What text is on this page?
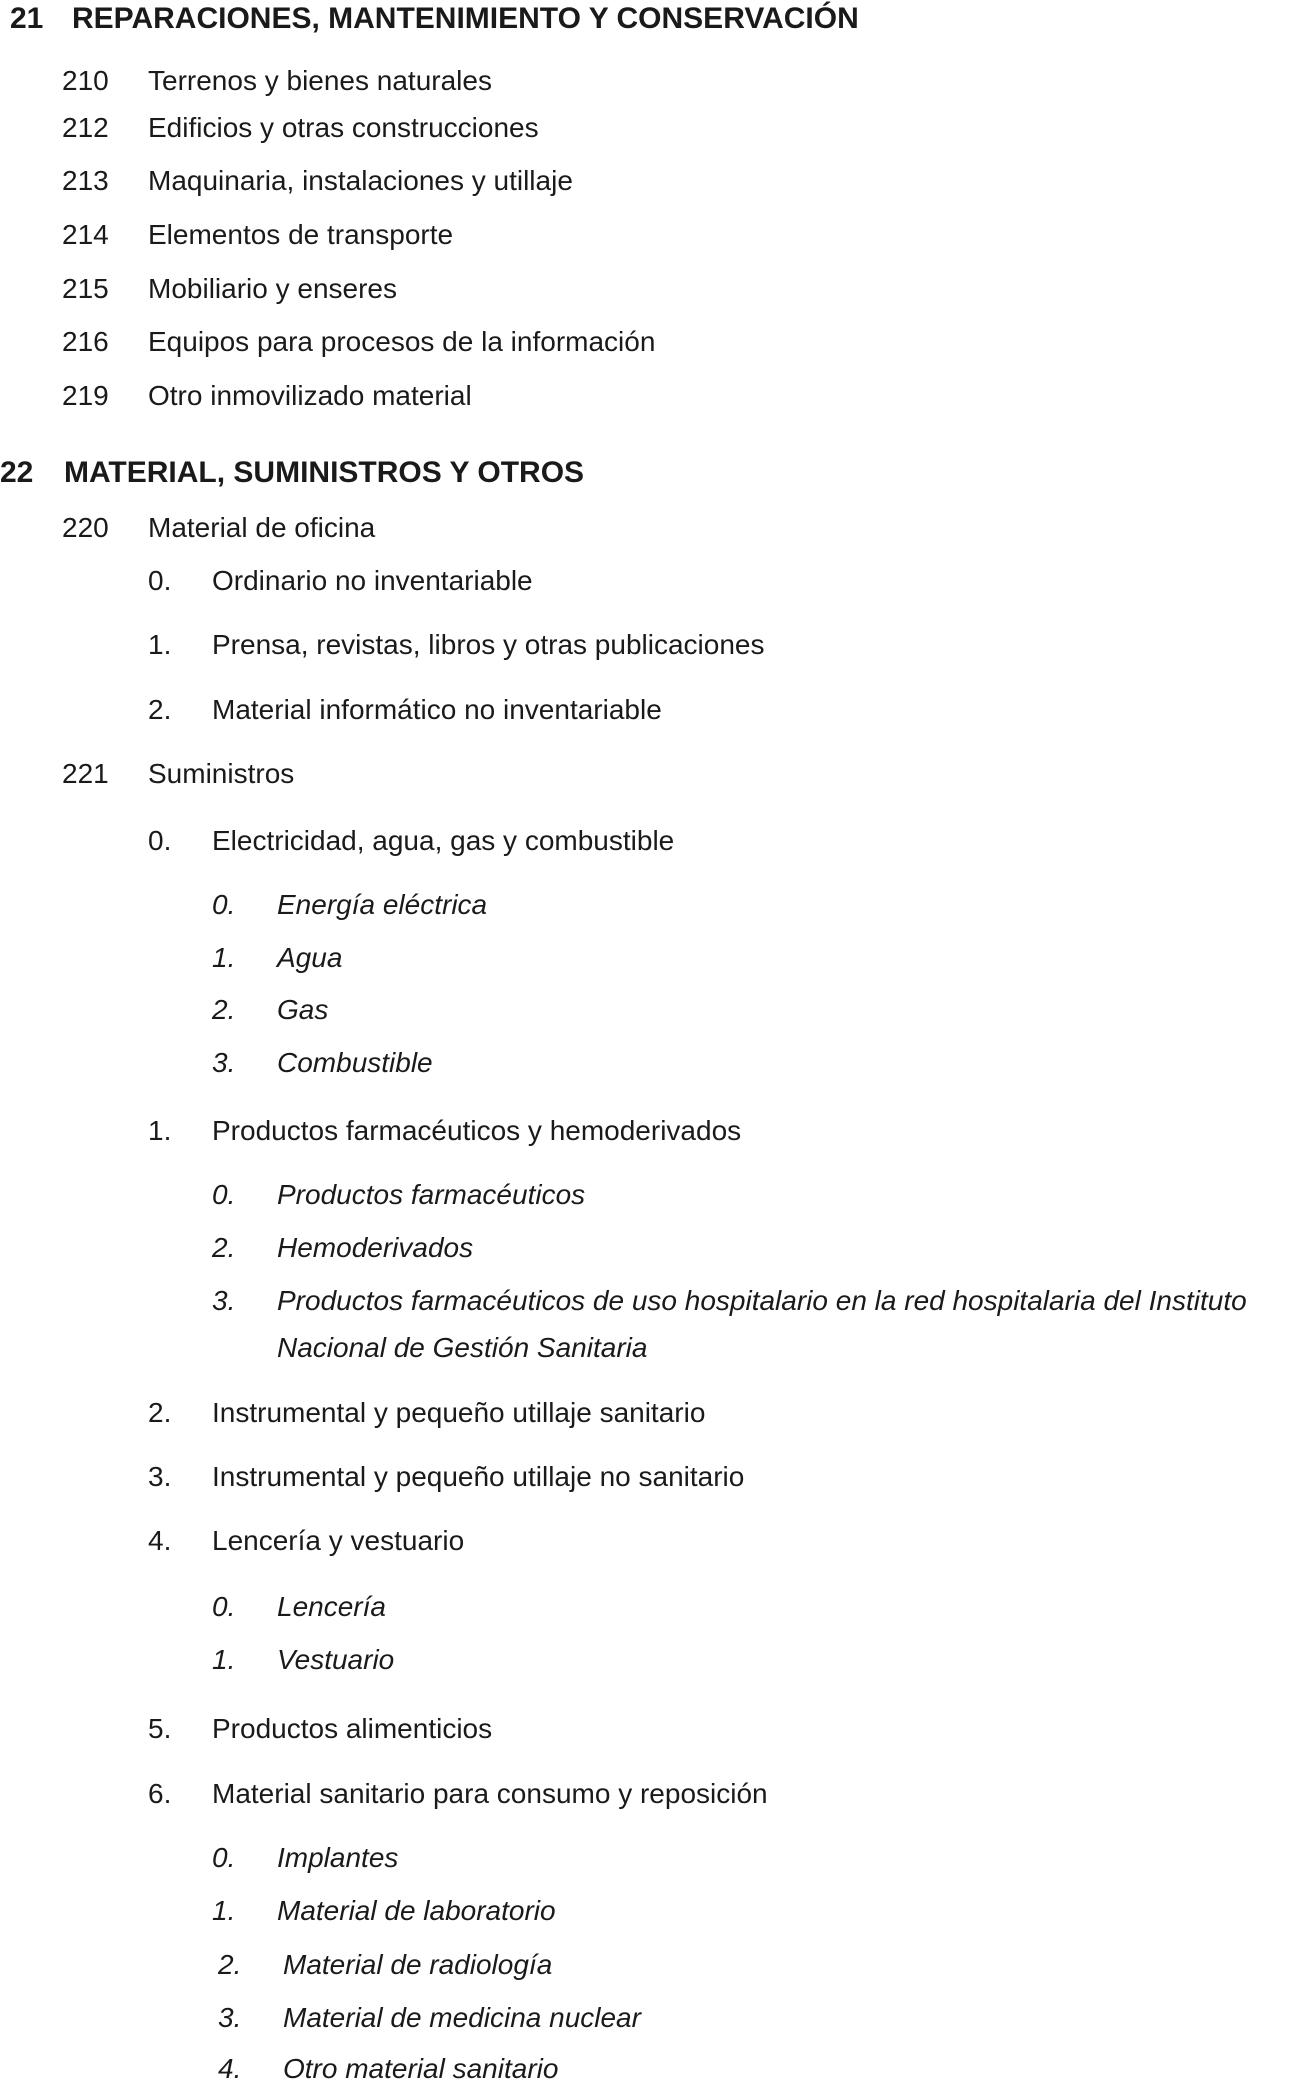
21 REPARACIONES, MANTENIMIENTO Y CONSERVACIÓN
210 Terrenos y bienes naturales
212 Edificios y otras construcciones
213 Maquinaria, instalaciones y utillaje
214 Elementos de transporte
215 Mobiliario y enseres
216 Equipos para procesos de la información
219 Otro inmovilizado material
22 MATERIAL, SUMINISTROS Y OTROS
220 Material de oficina
0. Ordinario no inventariable
1. Prensa, revistas, libros y otras publicaciones
2. Material informático no inventariable
221 Suministros
0. Electricidad, agua, gas y combustible
0. Energía eléctrica
1. Agua
2. Gas
3. Combustible
1. Productos farmacéuticos y hemoderivados
0. Productos farmacéuticos
2. Hemoderivados
3. Productos farmacéuticos de uso hospitalario en la red hospitalaria del Instituto
Nacional de Gestión Sanitaria
2. Instrumental y pequeño utillaje sanitario
3. Instrumental y pequeño utillaje no sanitario
4. Lencería y vestuario
0. Lencería
1. Vestuario
5. Productos alimenticios
6. Material sanitario para consumo y reposición
0. Implantes
1. Material de laboratorio
2. Material de radiología
3. Material de medicina nuclear
4. Otro material sanitario
